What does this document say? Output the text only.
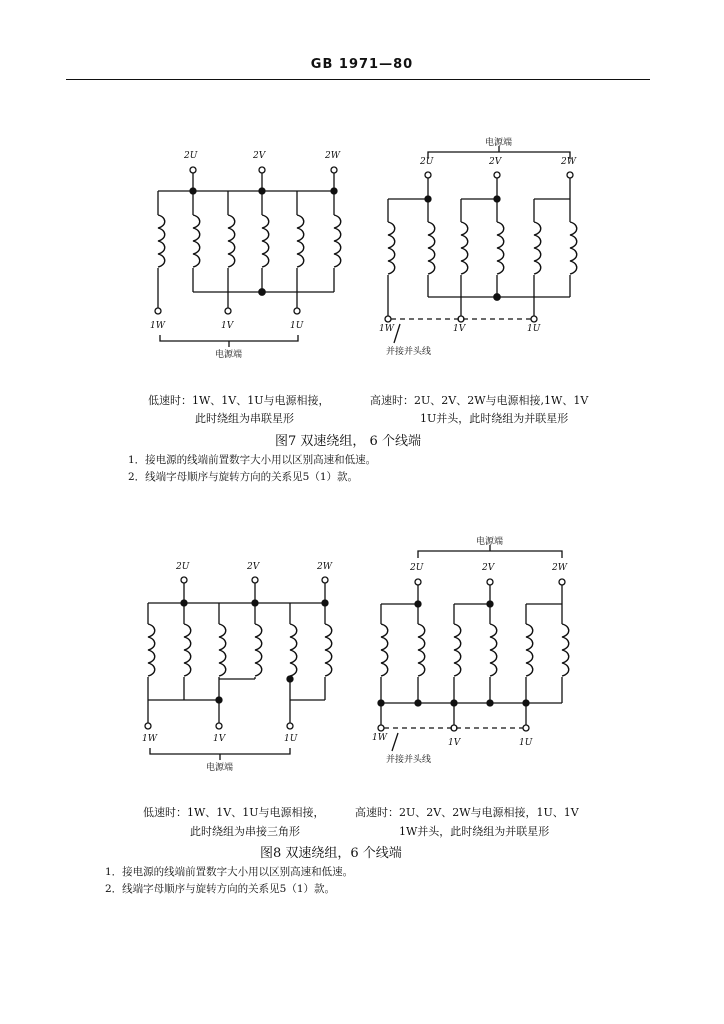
GB 1971—80
2U	2V	2W
1W	1V	1U
电源端
电源端
2U	2V	2W
1W	1V	1U
并接并头线
低速时：1W、1V、1U与电源相接，
此时绕组为串联星形
高速时：2U、2V、2W与电源相接,1W、1V
1U并头，此时绕组为并联星形
图7 双速绕组， 6 个线端
1．接电源的线端前置数字大小用以区别高速和低速。
2．线端字母顺序与旋转方向的关系见5（1）款。
2U	2V	2W
1W	1V	1U
电源端
电源端
2U	2V	2W
1W	1V	1U
并接并头线
低速时：1W、1V、1U与电源相接，
此时绕组为串接三角形
高速时：2U、2V、2W与电源相接，1U、1V
1W并头，此时绕组为并联星形
图8 双速绕组，6 个线端
1．接电源的线端前置数字大小用以区别高速和低速。
2．线端字母顺序与旋转方向的关系见5（1）款。
